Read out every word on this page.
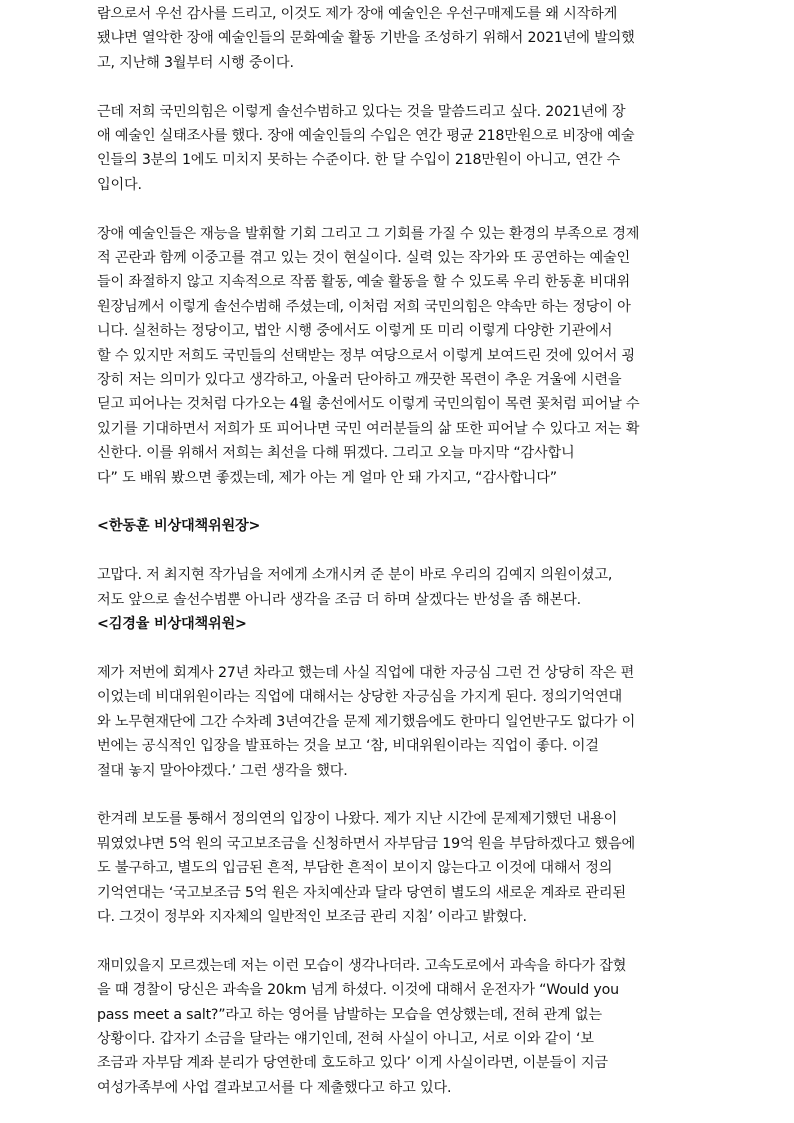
람으로서 우선 감사를 드리고, 이것도 제가 장애 예술인은 우선구매제도를 왜 시작하게
됐냐면 열악한 장애 예술인들의 문화예술 활동 기반을 조성하기 위해서 2021년에 발의했
고, 지난해 3월부터 시행 중이다.

근데 저희 국민의힘은 이렇게 솔선수범하고 있다는 것을 말씀드리고 싶다. 2021년에 장
애 예술인 실태조사를 했다. 장애 예술인들의 수입은 연간 평균 218만원으로 비장애 예술
인들의 3분의 1에도 미치지 못하는 수준이다. 한 달 수입이 218만원이 아니고, 연간 수
입이다.

장애 예술인들은 재능을 발휘할 기회 그리고 그 기회를 가질 수 있는 환경의 부족으로 경제
적 곤란과 함께 이중고를 겪고 있는 것이 현실이다. 실력 있는 작가와 또 공연하는 예술인
들이 좌절하지 않고 지속적으로 작품 활동, 예술 활동을 할 수 있도록 우리 한동훈 비대위
원장님께서 이렇게 솔선수범해 주셨는데, 이처럼 저희 국민의힘은 약속만 하는 정당이 아
니다. 실천하는 정당이고, 법안 시행 중에서도 이렇게 또 미리 이렇게 다양한 기관에서
할 수 있지만 저희도 국민들의 선택받는 정부 여당으로서 이렇게 보여드린 것에 있어서 굉
장히 저는 의미가 있다고 생각하고, 아울러 단아하고 깨끗한 목련이 추운 겨울에 시련을
딛고 피어나는 것처럼 다가오는 4월 총선에서도 이렇게 국민의힘이 목련 꽃처럼 피어날 수
있기를 기대하면서 저희가 또 피어나면 국민 여러분들의 삶 또한 피어날 수 있다고 저는 확
신한다. 이를 위해서 저희는 최선을 다해 뛰겠다. 그리고 오늘 마지막 “감사합니
다” 도 배워 봤으면 좋겠는데, 제가 아는 게 얼마 안 돼 가지고, “감사합니다”

<한동훈 비상대책위원장>

고맙다. 저 최지현 작가님을 저에게 소개시켜 준 분이 바로 우리의 김예지 의원이셨고,
저도 앞으로 솔선수범뿐 아니라 생각을 조금 더 하며 살겠다는 반성을 좀 해본다.

<김경율 비상대책위원>

제가 저번에 회계사 27년 차라고 했는데 사실 직업에 대한 자긍심 그런 건 상당히 작은 편
이었는데 비대위원이라는 직업에 대해서는 상당한 자긍심을 가지게 된다. 정의기억연대
와 노무현재단에 그간 수차례 3년여간을 문제 제기했음에도 한마디 일언반구도 없다가 이
번에는 공식적인 입장을 발표하는 것을 보고 ‘참, 비대위원이라는 직업이 좋다. 이걸
절대 놓지 말아야겠다.’ 그런 생각을 했다.

한겨레 보도를 통해서 정의연의 입장이 나왔다. 제가 지난 시간에 문제제기했던 내용이
뭐였었냐면 5억 원의 국고보조금을 신청하면서 자부담금 19억 원을 부담하겠다고 했음에
도 불구하고, 별도의 입금된 흔적, 부담한 흔적이 보이지 않는다고 이것에 대해서 정의
기억연대는 ‘국고보조금 5억 원은 자치예산과 달라 당연히 별도의 새로운 계좌로 관리된
다. 그것이 정부와 지자체의 일반적인 보조금 관리 지침’ 이라고 밝혔다.

재미있을지 모르겠는데 저는 이런 모습이 생각나더라. 고속도로에서 과속을 하다가 잡혔
을 때 경찰이 당신은 과속을 20km 넘게 하셨다. 이것에 대해서 운전자가 “Would you
pass meet a salt?”라고 하는 영어를 남발하는 모습을 연상했는데, 전혀 관계 없는
상황이다. 갑자기 소금을 달라는 얘기인데, 전혀 사실이 아니고, 서로 이와 같이 ‘보
조금과 자부담 계좌 분리가 당연한데 호도하고 있다’ 이게 사실이라면, 이분들이 지금
여성가족부에 사업 결과보고서를 다 제출했다고 하고 있다.
